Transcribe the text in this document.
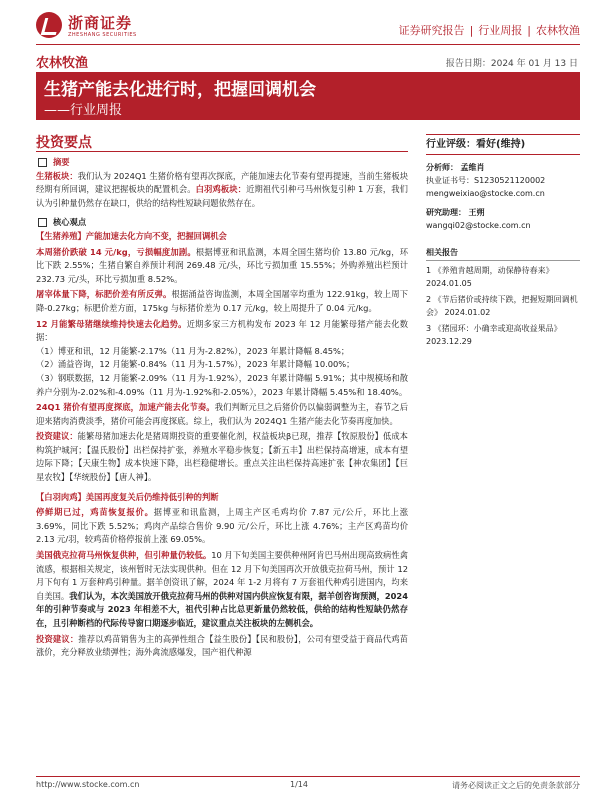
浙商证券
ZHESHANG SECURITIES	证券研究报告 | 行业周报 | 农林牧渔
农林牧渔	报告日期：2024 年 01 月 13 日
生猪产能去化进行时，把握回调机会
——行业周报
投资要点

摘要

生猪板块：我们认为 2024Q1 生猪价格有望再次探底，产能加速去化节奏有望再提速，当前生猪板块经期有所回调，建议把握板块的配置机会。白羽鸡板块：近期祖代引种弓马州恢复引种 1 万套，我们认为引种量仍然存在缺口，供给的结构性短缺问题依然存在。

核心观点

【生猪养殖】产能加速去化方向不变，把握回调机会

本周猪价跌破 14 元/kg，亏损幅度加剧。根据博亚和讯监测，本周全国生猪均价 13.80 元/kg，环比下跌 2.55%；生猪自繁自养预计利润 269.48 元/头，环比亏损加重 15.55%；外购养殖出栏预计 232.73 元/头，环比亏损加重 8.52%。

屠宰体量下降，标肥价差有所反弹。根据涌益咨询监测，本周全国屠宰均重为 122.91kg，较上周下降-0.27kg；标肥价差方面，175kg 与标猪价差为 0.17 元/kg，较上周提升了 0.04 元/kg。

12 月能繁母猪继续维持快速去化趋势。近期多家三方机构发布 2023 年 12 月能繁母猪产能去化数据：

（1）博亚和讯，12 月能繁-2.17%（11 月为-2.82%），2023 年累计降幅 8.45%；

（2）涌益咨询，12 月能繁-0.84%（11 月为-1.57%），2023 年累计降幅 10.00%；

（3）钢联数据，12 月能繁-2.09%（11 月为-1.92%），2023 年累计降幅 5.91%；其中规模场和散养户分别为-2.02%和-4.09%（11 月为-1.92%和-2.05%），2023 年累计降幅 5.45%和 18.40%。

24Q1 猪价有望再度探底，加速产能去化节奏。我们判断元旦之后猪价仍以偏弱调整为主，春节之后迎来猪肉消费淡季，猪价可能会再度探底。综上，我们认为 2024Q1 生猪产能去化节奏再度加快。

投资建议：能繁母猪加速去化是猪周期投资的重要催化剂，权益板块β已现，推荐【牧原股份】低成本构筑护城河；【温氏股份】出栏保持扩张，养殖水平稳步恢复；【新五丰】出栏保持高增速，成本有望边际下降；【天康生物】成本快速下降，出栏稳健增长。重点关注出栏保持高速扩张【神农集团】【巨星农牧】【华统股份】【唐人神】。

【白羽肉鸡】美国再度复关后仍维持低引种的判断

停鲜期已过，鸡苗恢复报价。据博亚和讯监测，上周主产区毛鸡均价 7.87 元/公斤，环比上涨 3.69%，同比下跌 5.52%；鸡肉产品综合售价 9.90 元/公斤，环比上涨 4.76%；主产区鸡苗均价 2.13 元/羽，较鸡苗价格停报前上涨 69.05%。

美国俄克拉荷马州恢复供种，但引种量仍较低。10 月下旬美国主要供种州阿肯巴马州出现高致病性禽流感，根据相关规定，该州暂时无法实现供种。但在 12 月下旬美国再次开放俄克拉荷马州，预计 12 月下旬有 1 万套种鸡引种量。据羊创资讯了解，2024 年 1-2 月将有 7 万套祖代种鸡引进国内，均来自美国。我们认为，本次美国放开俄克拉荷马州的供种对国内供应恢复有限，据羊创咨询预测，2024 年的引种节奏或与 2023 年相差不大，祖代引种占比总更新量仍然较低，供给的结构性短缺仍然存在，且引种断档的代际传导窗口期逐步临近，建议重点关注板块的左侧机会。

投资建议：推荐以鸡苗销售为主的高弹性组合【益生股份】【民和股份】，公司有望受益于商品代鸡苗涨价，充分释放业绩弹性；海外禽流感爆发，国产祖代种源

行业评级：看好(维持)

分析师： 孟维肖

执业证书号：S1230521120002

mengweixiao@stocke.com.cn

研究助理： 王朔

wangqi02@stocke.com.cn

相关报告
1 《养殖肯越周期，动保静待春来》 2024.01.05
2 《节后猪价或持续下跌，把握短期回调机会》 2024.01.02
3 《猪园环：小确幸或迎高收益果品》 2023.12.29
http://www.stocke.com.cn	1/14	请务必阅读正文之后的免责条款部分
